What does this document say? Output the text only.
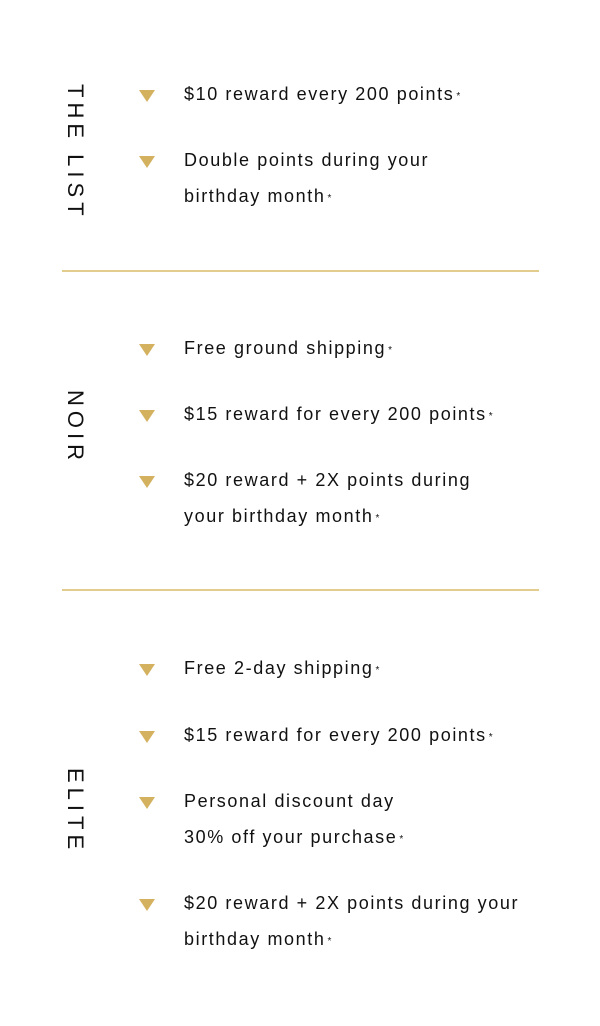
THE LIST	$10 reward every 200 points *
Double points during your
birthday month *
NOIR
Free ground shipping *
$15 reward for every 200 points *
$20 reward + 2X points during
your birthday month *
ELITE
Free 2-day shipping *
$15 reward for every 200 points *
Personal discount day
30% off your purchase *
$20 reward + 2X points during your
birthday month *
